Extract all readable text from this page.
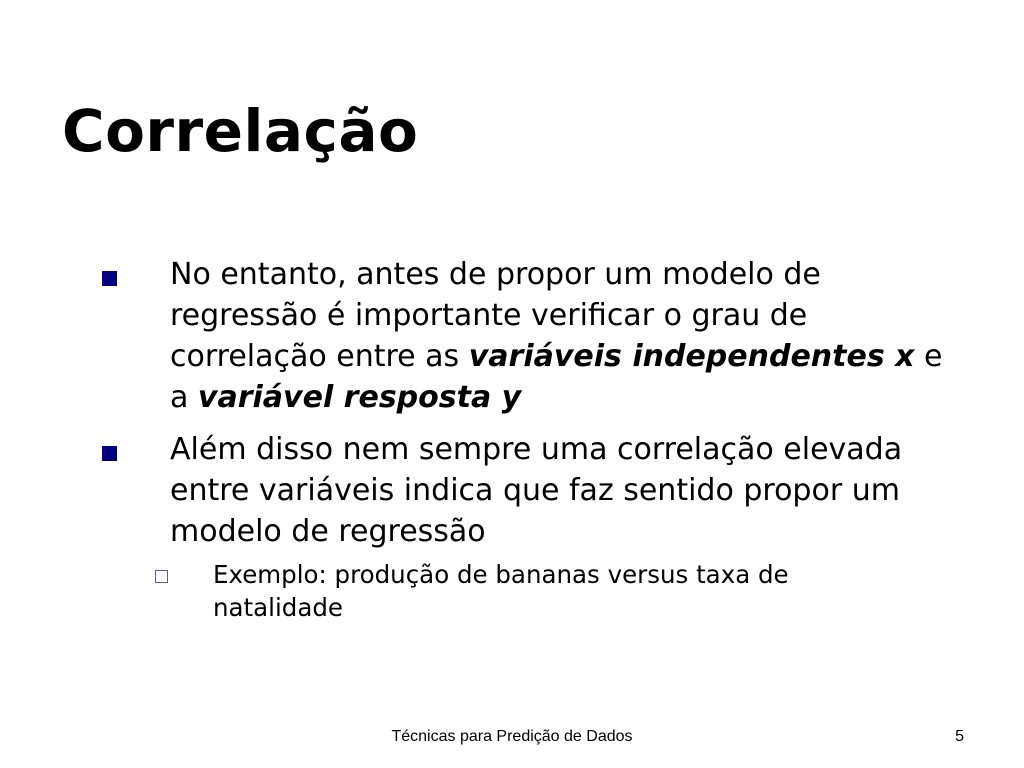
Correlação
No entanto, antes de propor um modelo de regressão é importante verificar o grau de correlação entre as variáveis independentes x e a variável resposta y
Além disso nem sempre uma correlação elevada entre variáveis indica que faz sentido propor um modelo de regressão
Exemplo: produção de bananas versus taxa de natalidade
Técnicas para Predição de Dados	5
